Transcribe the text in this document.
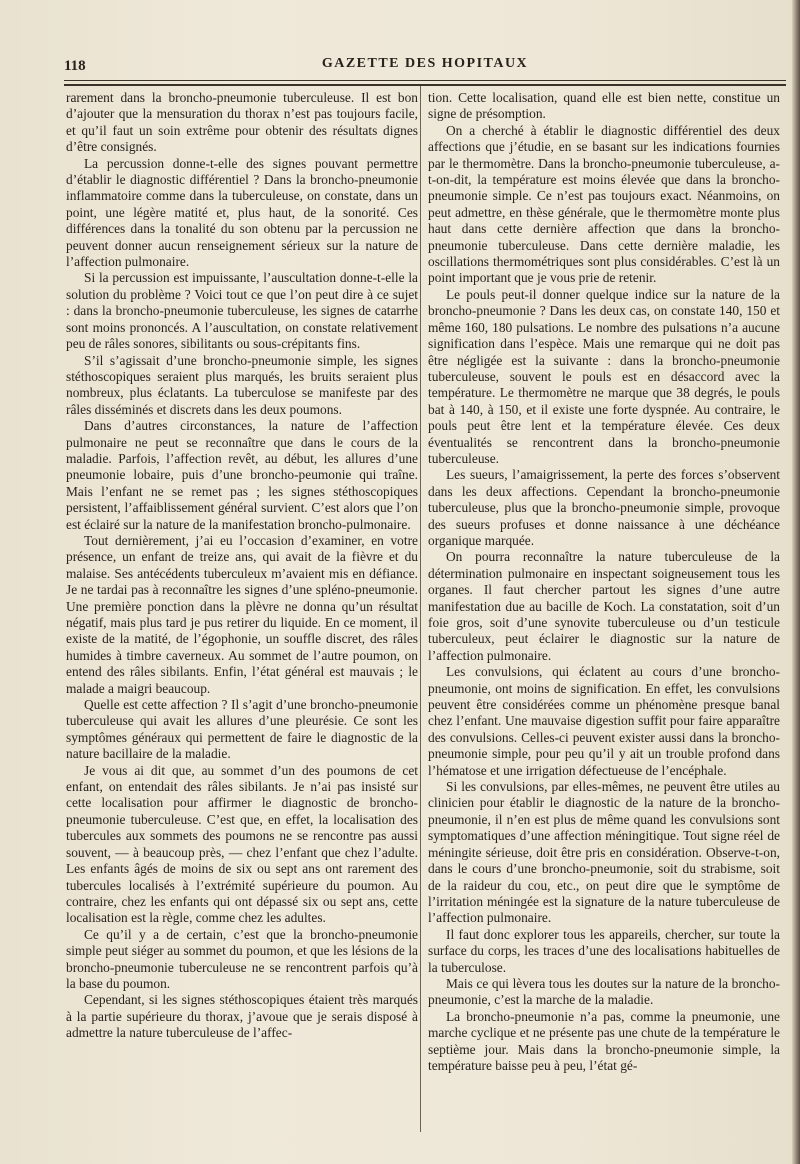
118	GAZETTE DES HOPITAUX

rarement dans la broncho-pneumonie tuberculeuse. Il est bon d’ajouter que la mensuration du thorax n’est pas toujours facile, et qu’il faut un soin extrême pour obtenir des résultats dignes d’être consignés.

La percussion donne-t-elle des signes pouvant permettre d’établir le diagnostic différentiel ? Dans la broncho-pneumonie inflammatoire comme dans la tuberculeuse, on constate, dans un point, une légère matité et, plus haut, de la sonorité. Ces différences dans la tonalité du son obtenu par la percussion ne peuvent donner aucun renseignement sérieux sur la nature de l’affection pulmonaire.

Si la percussion est impuissante, l’auscultation donne-t-elle la solution du problème ? Voici tout ce que l’on peut dire à ce sujet : dans la broncho-pneumonie tuberculeuse, les signes de catarrhe sont moins prononcés. A l’auscultation, on constate relativement peu de râles sonores, sibilitants ou sous-crépitants fins.

S’il s’agissait d’une broncho-pneumonie simple, les signes stéthoscopiques seraient plus marqués, les bruits seraient plus nombreux, plus éclatants. La tuberculose se manifeste par des râles disséminés et discrets dans les deux poumons.

Dans d’autres circonstances, la nature de l’affection pulmonaire ne peut se reconnaître que dans le cours de la maladie. Parfois, l’affection revêt, au début, les allures d’une pneumonie lobaire, puis d’une broncho-peumonie qui traîne. Mais l’enfant ne se remet pas ; les signes stéthoscopiques persistent, l’affaiblissement général survient. C’est alors que l’on est éclairé sur la nature de la manifestation broncho-pulmonaire.

Tout dernièrement, j’ai eu l’occasion d’examiner, en votre présence, un enfant de treize ans, qui avait de la fièvre et du malaise. Ses antécédents tuberculeux m’avaient mis en défiance. Je ne tardai pas à reconnaître les signes d’une spléno-pneumonie. Une première ponction dans la plèvre ne donna qu’un résultat négatif, mais plus tard je pus retirer du liquide. En ce moment, il existe de la matité, de l’égophonie, un souffle discret, des râles humides à timbre caverneux. Au sommet de l’autre poumon, on entend des râles sibilants. Enfin, l’état général est mauvais ; le malade a maigri beaucoup.

Quelle est cette affection ? Il s’agit d’une broncho-pneumonie tuberculeuse qui avait les allures d’une pleurésie. Ce sont les symptômes généraux qui permettent de faire le diagnostic de la nature bacillaire de la maladie.

Je vous ai dit que, au sommet d’un des poumons de cet enfant, on entendait des râles sibilants. Je n’ai pas insisté sur cette localisation pour affirmer le diagnostic de broncho-pneumonie tuberculeuse. C’est que, en effet, la localisation des tubercules aux sommets des poumons ne se rencontre pas aussi souvent, — à beaucoup près, — chez l’enfant que chez l’adulte. Les enfants âgés de moins de six ou sept ans ont rarement des tubercules localisés à l’extrémité supérieure du poumon. Au contraire, chez les enfants qui ont dépassé six ou sept ans, cette localisation est la règle, comme chez les adultes.

Ce qu’il y a de certain, c’est que la broncho-pneumonie simple peut siéger au sommet du poumon, et que les lésions de la broncho-pneumonie tuberculeuse ne se rencontrent parfois qu’à la base du poumon.

Cependant, si les signes stéthoscopiques étaient très marqués à la partie supérieure du thorax, j’avoue que je serais disposé à admettre la nature tuberculeuse de l’affec-

tion. Cette localisation, quand elle est bien nette, constitue un signe de présomption.

On a cherché à établir le diagnostic différentiel des deux affections que j’étudie, en se basant sur les indications fournies par le thermomètre. Dans la broncho-pneumonie tuberculeuse, a-t-on-dit, la température est moins élevée que dans la broncho-pneumonie simple. Ce n’est pas toujours exact. Néanmoins, on peut admettre, en thèse générale, que le thermomètre monte plus haut dans cette dernière affection que dans la broncho-pneumonie tuberculeuse. Dans cette dernière maladie, les oscillations thermométriques sont plus considérables. C’est là un point important que je vous prie de retenir.

Le pouls peut-il donner quelque indice sur la nature de la broncho-pneumonie ? Dans les deux cas, on constate 140, 150 et même 160, 180 pulsations. Le nombre des pulsations n’a aucune signification dans l’espèce. Mais une remarque qui ne doit pas être négligée est la suivante : dans la broncho-pneumonie tuberculeuse, souvent le pouls est en désaccord avec la température. Le thermomètre ne marque que 38 degrés, le pouls bat à 140, à 150, et il existe une forte dyspnée. Au contraire, le pouls peut être lent et la température élevée. Ces deux éventualités se rencontrent dans la broncho-pneumonie tuberculeuse.

Les sueurs, l’amaigrissement, la perte des forces s’observent dans les deux affections. Cependant la broncho-pneumonie tuberculeuse, plus que la broncho-pneumonie simple, provoque des sueurs profuses et donne naissance à une déchéance organique marquée.

On pourra reconnaître la nature tuberculeuse de la détermination pulmonaire en inspectant soigneusement tous les organes. Il faut chercher partout les signes d’une autre manifestation due au bacille de Koch. La constatation, soit d’un foie gros, soit d’une synovite tuberculeuse ou d’un testicule tuberculeux, peut éclairer le diagnostic sur la nature de l’affection pulmonaire.

Les convulsions, qui éclatent au cours d’une broncho-pneumonie, ont moins de signification. En effet, les convulsions peuvent être considérées comme un phénomène presque banal chez l’enfant. Une mauvaise digestion suffit pour faire apparaître des convulsions. Celles-ci peuvent exister aussi dans la broncho-pneumonie simple, pour peu qu’il y ait un trouble profond dans l’hématose et une irrigation défectueuse de l’encéphale.

Si les convulsions, par elles-mêmes, ne peuvent être utiles au clinicien pour établir le diagnostic de la nature de la broncho-pneumonie, il n’en est plus de même quand les convulsions sont symptomatiques d’une affection méningitique. Tout signe réel de méningite sérieuse, doit être pris en considération. Observe-t-on, dans le cours d’une broncho-pneumonie, soit du strabisme, soit de la raideur du cou, etc., on peut dire que le symptôme de l’irritation méningée est la signature de la nature tuberculeuse de l’affection pulmonaire.

Il faut donc explorer tous les appareils, chercher, sur toute la surface du corps, les traces d’une des localisations habituelles de la tuberculose.

Mais ce qui lèvera tous les doutes sur la nature de la broncho-pneumonie, c’est la marche de la maladie.

La broncho-pneumonie n’a pas, comme la pneumonie, une marche cyclique et ne présente pas une chute de la température le septième jour. Mais dans la broncho-pneumonie simple, la température baisse peu à peu, l’état gé-
